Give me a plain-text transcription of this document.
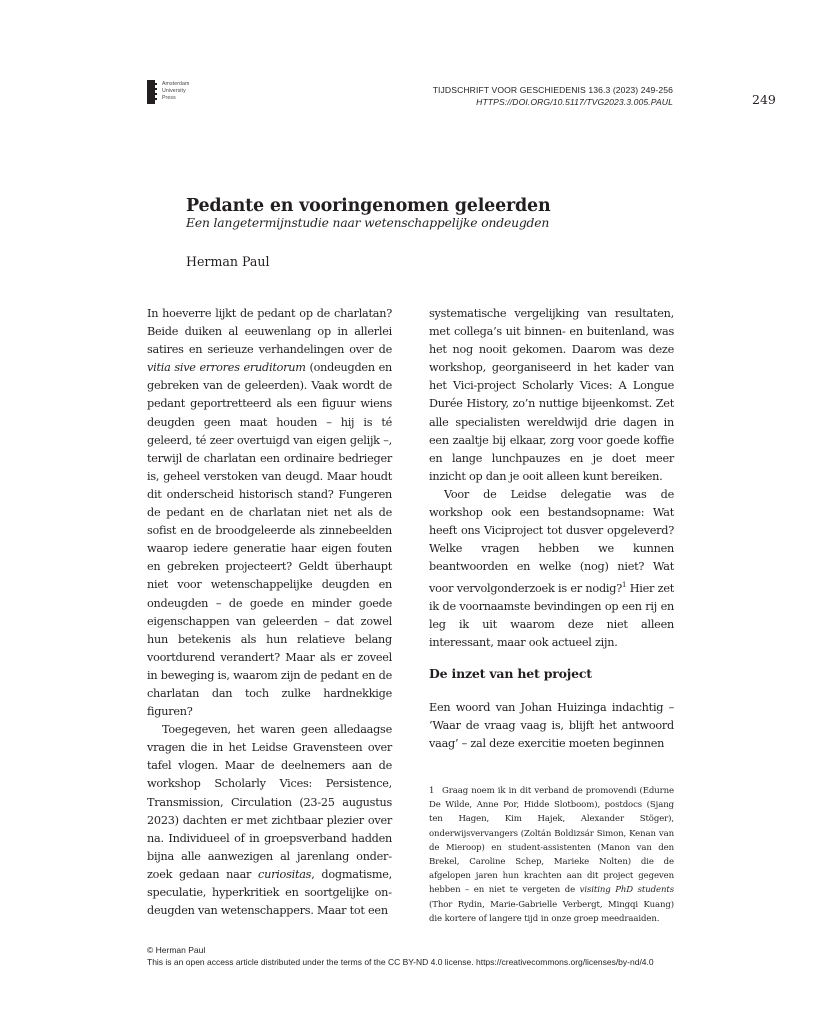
Amsterdam
University
Press
TIJDSCHRIFT VOOR GESCHIEDENIS 136.3 (2023) 249-256
HTTPS://DOI.ORG/10.5117/TVG2023.3.005.PAUL	249
Pedante en vooringenomen geleerden
Een langetermijnstudie naar wetenschappelijke ondeugden
Herman Paul

In hoeverre lijkt de pedant op de charlatan? Beide duiken al eeuwenlang op in allerlei satires en serieuze verhandelingen over de vitia sive errores eruditorum (ondeugden en gebreken van de geleerden). Vaak wordt de pedant geportretteerd als een figuur wiens deugden geen maat houden – hij is té geleerd, té zeer overtuigd van eigen gelijk –, terwijl de charlatan een ordinaire bedrieger is, geheel verstoken van deugd. Maar houdt dit onderscheid historisch stand? Fungeren de pedant en de charlatan niet net als de sofist en de broodgeleerde als zinnebeelden waarop iedere generatie haar eigen fouten en gebreken projecteert? Geldt überhaupt niet voor wetenschappelijke deugden en ondeugden – de goede en minder goede eigenschappen van geleerden – dat zowel hun betekenis als hun relatieve belang voortdurend verandert? Maar als er zoveel in beweging is, waarom zijn de pedant en de charlatan dan toch zulke hardnekkige figuren?

Toegegeven, het waren geen alledaagse vragen die in het Leidse Gravensteen over tafel vlogen. Maar de deelnemers aan de workshop Scholarly Vices: Persistence, Transmission, Circulation (23-25 augustus 2023) dachten er met zichtbaar plezier over na. Individueel of in groepsverband hadden bijna alle aanwezigen al jarenlang onderzoek gedaan naar curiositas, dogmatisme, speculatie, hyperkritiek en soortgelijke ondeugden van wetenschappers. Maar tot een

systematische vergelijking van resultaten, met collega’s uit binnen- en buitenland, was het nog nooit gekomen. Daarom was deze workshop, georganiseerd in het kader van het Vici-project Scholarly Vices: A Longue Durée History, zo’n nuttige bijeenkomst. Zet alle specialisten wereldwijd drie dagen in een zaaltje bij elkaar, zorg voor goede koffie en lange lunchpauzes en je doet meer inzicht op dan je ooit alleen kunt bereiken.

Voor de Leidse delegatie was de workshop ook een bestandsopname: Wat heeft ons Viciproject tot dusver opgeleverd? Welke vragen hebben we kunnen beantwoorden en welke (nog) niet? Wat voor vervolgonderzoek is er nodig?$^1$ Hier zet ik de voornaamste bevindingen op een rij en leg ik uit waarom deze niet alleen interessant, maar ook actueel zijn.

De inzet van het project
Een woord van Johan Huizinga indachtig – ‘Waar de vraag vaag is, blijft het antwoord vaag’ – zal deze exercitie moeten beginnen
1 Graag noem ik in dit verband de promovendi (Edurne De Wilde, Anne Por, Hidde Slotboom), postdocs (Sjang ten Hagen, Kim Hajek, Alexander Stöger), onderwijsvervangers (Zoltán Boldizsár Simon, Kenan van de Mieroop) en student-assistenten (Manon van den Brekel, Caroline Schep, Marieke Nolten) die de afgelopen jaren hun krachten aan dit project gegeven hebben – en niet te vergeten de visiting PhD students (Thor Rydin, Marie-Gabrielle Verbergt, Mingqi Kuang) die kortere of langere tijd in onze groep meedraaiden.
© Herman Paul
This is an open access article distributed under the terms of the CC BY-ND 4.0 license. https://creativecommons.org/licenses/by-nd/4.0
